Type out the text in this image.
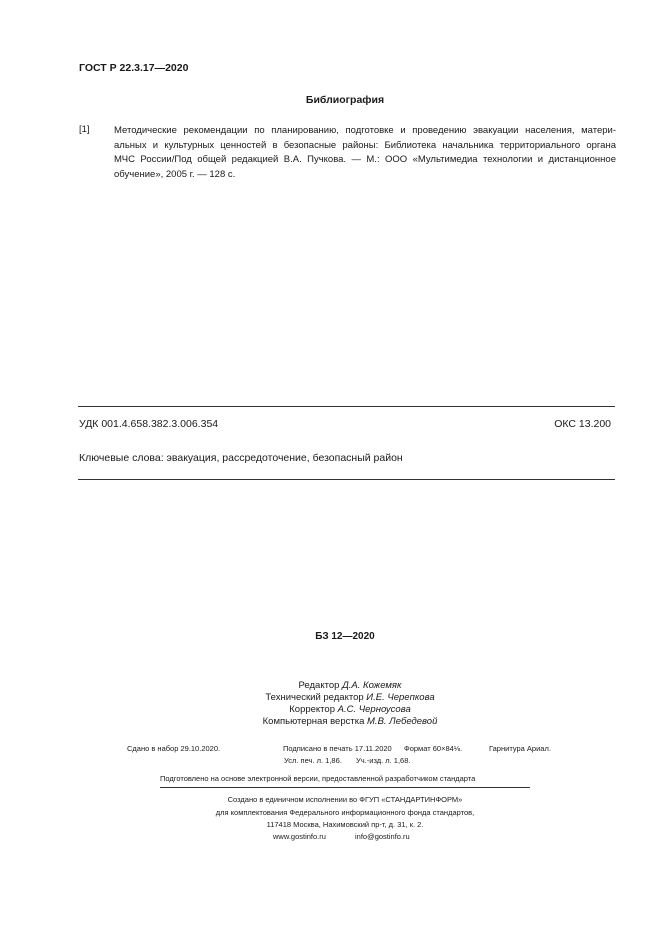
ГОСТ Р 22.3.17—2020
Библиография
[1]	Методические рекомендации по планированию, подготовке и проведению эвакуации населения, матери-
альных и культурных ценностей в безопасные районы: Библиотека начальника территориального органа
МЧС России/Под общей редакцией В.А. Пучкова. — М.: ООО «Мультимедиа технологии и дистанционное
обучение», 2005 г. — 128 с.
УДК 001.4.658.382.3.006.354	ОКС 13.200
Ключевые слова: эвакуация, рассредоточение, безопасный район
БЗ 12—2020
Редактор Д.А. Кожемяк
Технический редактор И.Е. Черепкова
Корректор А.С. Черноусова
Компьютерная верстка М.В. Лебедевой
Сдано в набор 29.10.2020.	Подписано в печать 17.11.2020 Формат 60×84⅛.	Гарнитура Ариал.
Усл. печ. л. 1,86. Уч.-изд. л. 1,68.
Подготовлено на основе электронной версии, предоставленной разработчиком стандарта
Создано в единичном исполнении во ФГУП «СТАНДАРТИНФОРМ»
для комплектования Федерального информационного фонда стандартов,
117418 Москва, Нахимовский пр-т, д. 31, к. 2.
www.gostinfo.ru	info@gostinfo.ru
